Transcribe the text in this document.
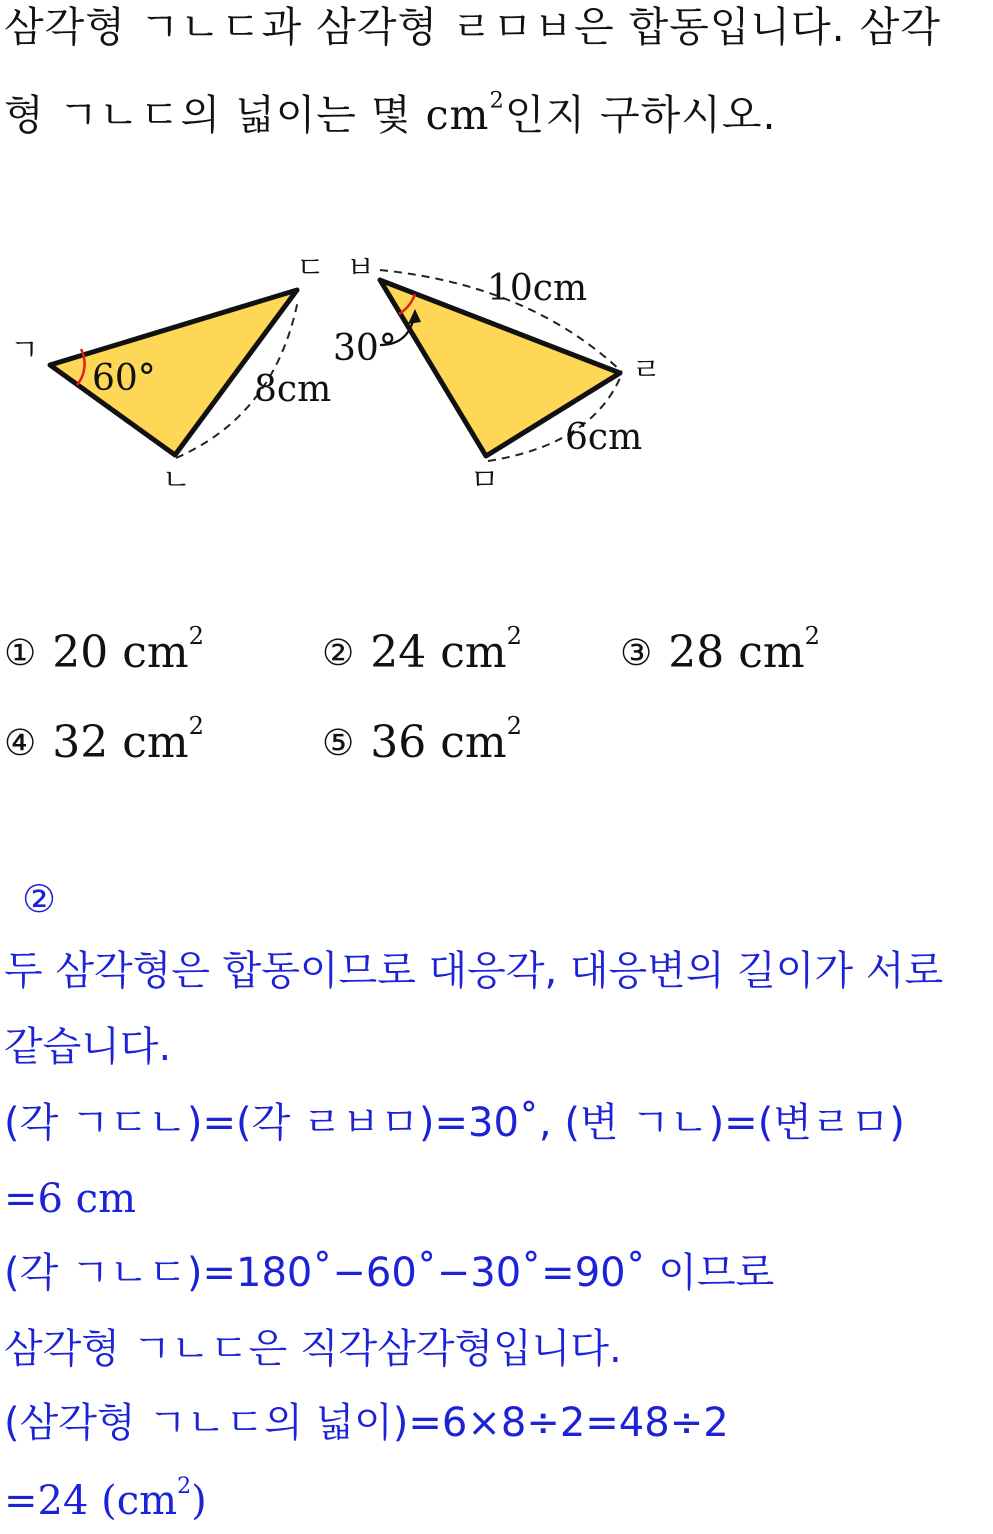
삼각형 ㄱㄴㄷ과 삼각형 ㄹㅁㅂ은 합동입니다. 삼각
형 ㄱㄴㄷ의 넓이는 몇 $cm^2$인지 구하시오.
ㄱ
ㄴ
ㄷ ㅂ
ㄹ
ㅁ
60°	8cm
30°
10cm
6cm
① 20 $cm^2$	② 24 $cm^2$	③ 28 $cm^2$
④ 32 $cm^2$	⑤ 36 $cm^2$
②
두 삼각형은 합동이므로 대응각, 대응변의 길이가 서로
같습니다.
(각 ㄱㄷㄴ)=(각 ㄹㅂㅁ)=30˚, (변 ㄱㄴ)=(변ㄹㅁ)
=6 cm
(각 ㄱㄴㄷ)=180˚−60˚−30˚=90˚ 이므로
삼각형 ㄱㄴㄷ은 직각삼각형입니다.
(삼각형 ㄱㄴㄷ의 넓이)=6×8÷2=48÷2
=24 $(cm^2)$
